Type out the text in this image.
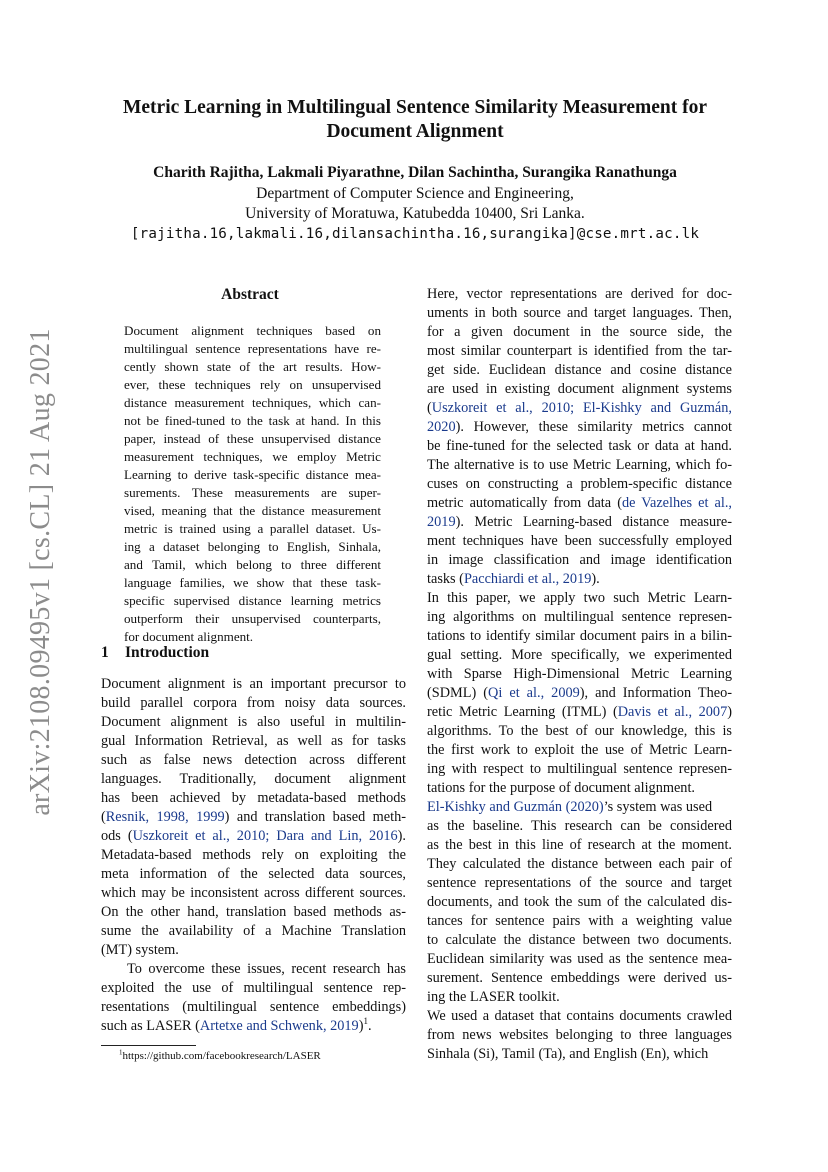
arXiv:2108.09495v1 [cs.CL] 21 Aug 2021
Metric Learning in Multilingual Sentence Similarity Measurement for
Document Alignment
Charith Rajitha, Lakmali Piyarathne, Dilan Sachintha, Surangika Ranathunga
Department of Computer Science and Engineering,
University of Moratuwa, Katubedda 10400, Sri Lanka.
[rajitha.16,lakmali.16,dilansachintha.16,surangika]@cse.mrt.ac.lk
Abstract
Document alignment techniques based on
multilingual sentence representations have re-
cently shown state of the art results. How-
ever, these techniques rely on unsupervised
distance measurement techniques, which can-
not be fined-tuned to the task at hand. In this
paper, instead of these unsupervised distance
measurement techniques, we employ Metric
Learning to derive task-specific distance mea-
surements. These measurements are super-
vised, meaning that the distance measurement
metric is trained using a parallel dataset. Us-
ing a dataset belonging to English, Sinhala,
and Tamil, which belong to three different
language families, we show that these task-
specific supervised distance learning metrics
outperform their unsupervised counterparts,
for document alignment.
1 Introduction
Document alignment is an important precursor to
build parallel corpora from noisy data sources.
Document alignment is also useful in multilin-
gual Information Retrieval, as well as for tasks
such as false news detection across different
languages. Traditionally, document alignment
has been achieved by metadata-based methods
(Resnik, 1998, 1999) and translation based meth-
ods (Uszkoreit et al., 2010; Dara and Lin, 2016).
Metadata-based methods rely on exploiting the
meta information of the selected data sources,
which may be inconsistent across different sources.
On the other hand, translation based methods as-
sume the availability of a Machine Translation
(MT) system.
To overcome these issues, recent research has
exploited the use of multilingual sentence rep-
resentations (multilingual sentence embeddings)
such as LASER (Artetxe and Schwenk, 2019)$^1$.
Here, vector representations are derived for doc-
uments in both source and target languages. Then,
for a given document in the source side, the
most similar counterpart is identified from the tar-
get side. Euclidean distance and cosine distance
are used in existing document alignment systems
(Uszkoreit et al., 2010; El-Kishky and Guzmán,
2020). However, these similarity metrics cannot
be fine-tuned for the selected task or data at hand.
The alternative is to use Metric Learning, which fo-
cuses on constructing a problem-specific distance
metric automatically from data (de Vazelhes et al.,
2019). Metric Learning-based distance measure-
ment techniques have been successfully employed
in image classification and image identification
tasks (Pacchiardi et al., 2019).
In this paper, we apply two such Metric Learn-
ing algorithms on multilingual sentence represen-
tations to identify similar document pairs in a bilin-
gual setting. More specifically, we experimented
with Sparse High-Dimensional Metric Learning
(SDML) (Qi et al., 2009), and Information Theo-
retic Metric Learning (ITML) (Davis et al., 2007)
algorithms. To the best of our knowledge, this is
the first work to exploit the use of Metric Learn-
ing with respect to multilingual sentence represen-
tations for the purpose of document alignment.
El-Kishky and Guzmán (2020)’s system was used
as the baseline. This research can be considered
as the best in this line of research at the moment.
They calculated the distance between each pair of
sentence representations of the source and target
documents, and took the sum of the calculated dis-
tances for sentence pairs with a weighting value
to calculate the distance between two documents.
Euclidean similarity was used as the sentence mea-
surement. Sentence embeddings were derived us-
ing the LASER toolkit.
We used a dataset that contains documents crawled
from news websites belonging to three languages
Sinhala (Si), Tamil (Ta), and English (En), which
$^1$https://github.com/facebookresearch/LASER
